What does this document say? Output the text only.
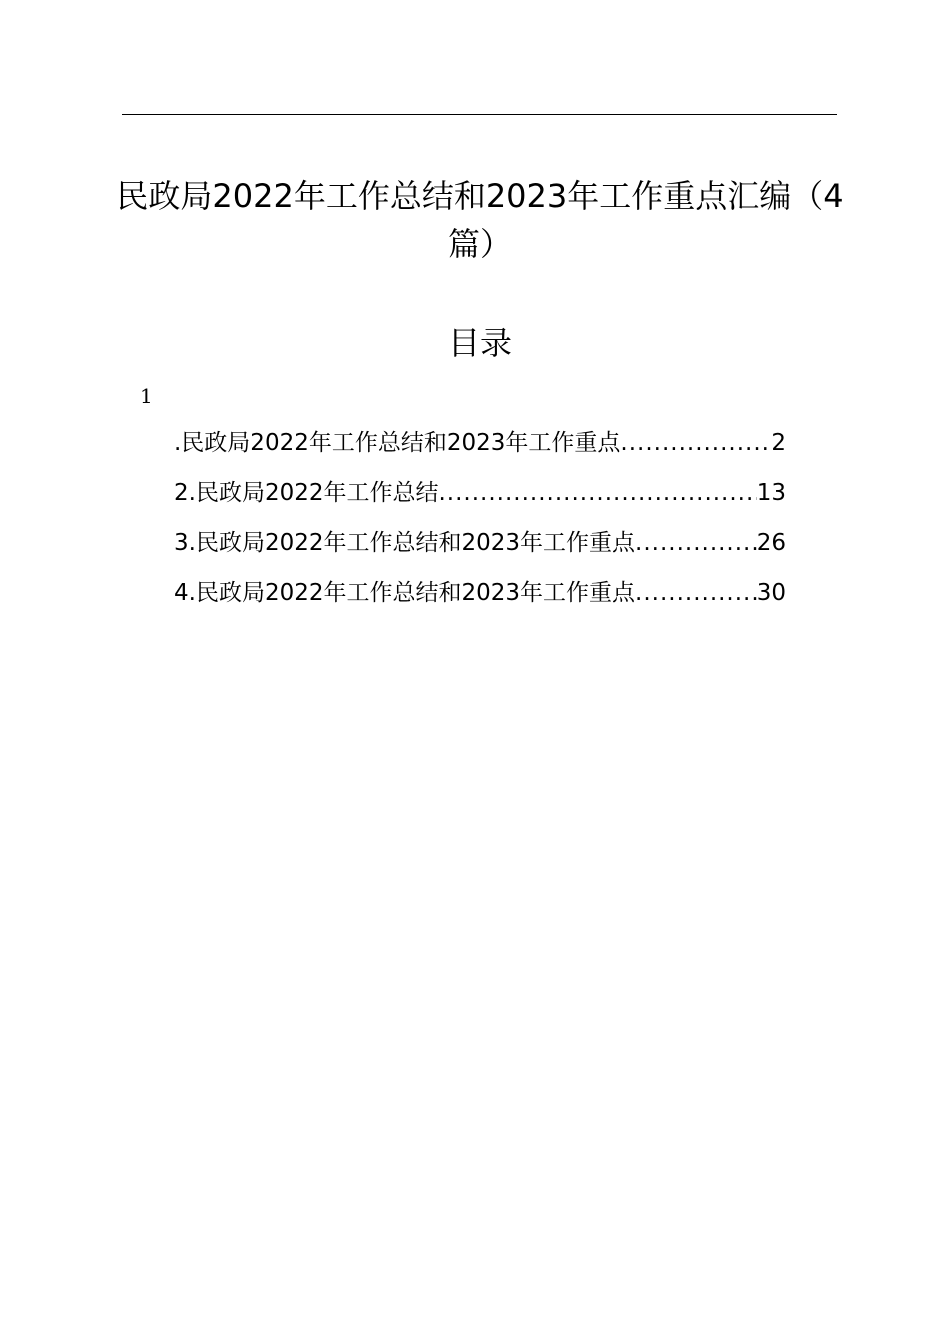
民政局2022年工作总结和2023年工作重点汇编（4篇）
目录
1
.民政局2022年工作总结和2023年工作重点 .....	2
2.民政局2022年工作总结 .....	13
3.民政局2022年工作总结和2023年工作重点 .....	26
4.民政局2022年工作总结和2023年工作重点 .....	30
